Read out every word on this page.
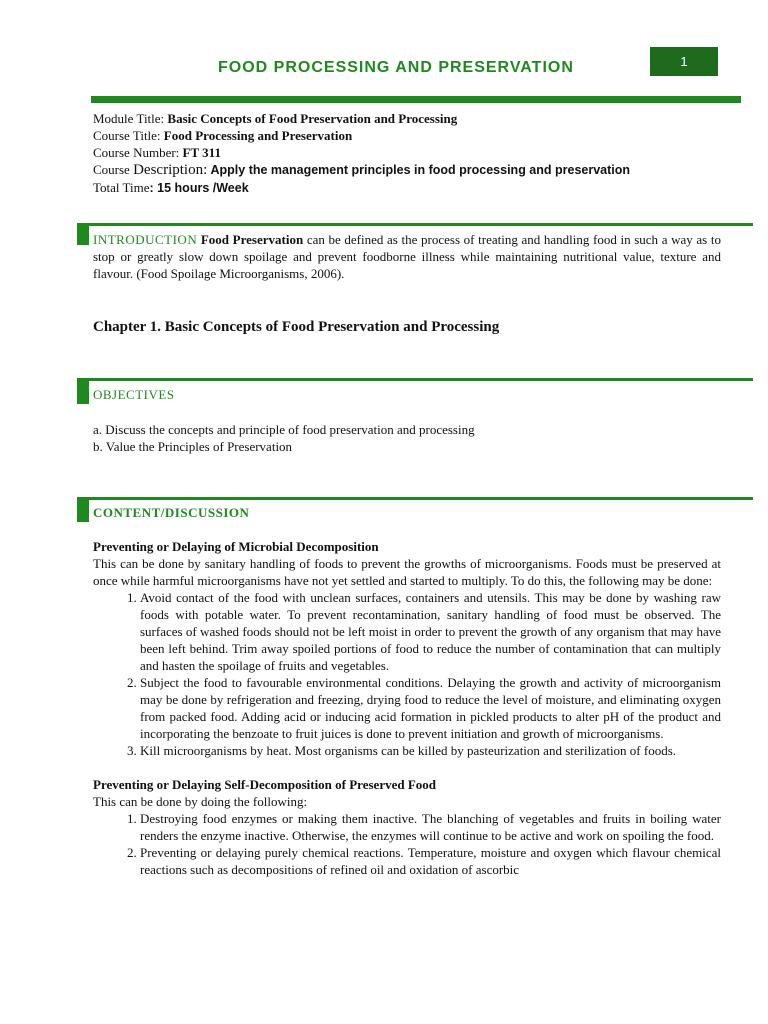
FOOD PROCESSING AND PRESERVATION	1
Module Title: Basic Concepts of Food Preservation and Processing
Course Title: Food Processing and Preservation
Course Number: FT 311
Course Description: Apply the management principles in food processing and preservation
Total Time: 15 hours /Week
INTRODUCTION Food Preservation can be defined as the process of treating and handling food in such a way as to stop or greatly slow down spoilage and prevent foodborne illness while maintaining nutritional value, texture and flavour. (Food Spoilage Microorganisms, 2006).
Chapter 1. Basic Concepts of Food Preservation and Processing
OBJECTIVES
a. Discuss the concepts and principle of food preservation and processing
b. Value the Principles of Preservation
CONTENT/DISCUSSION
Preventing or Delaying of Microbial Decomposition
This can be done by sanitary handling of foods to prevent the growths of microorganisms. Foods must be preserved at once while harmful microorganisms have not yet settled and started to multiply. To do this, the following may be done:
1. Avoid contact of the food with unclean surfaces, containers and utensils. This may be done by washing raw foods with potable water. To prevent recontamination, sanitary handling of food must be observed. The surfaces of washed foods should not be left moist in order to prevent the growth of any organism that may have been left behind. Trim away spoiled portions of food to reduce the number of contamination that can multiply and hasten the spoilage of fruits and vegetables.
2. Subject the food to favourable environmental conditions. Delaying the growth and activity of microorganism may be done by refrigeration and freezing, drying food to reduce the level of moisture, and eliminating oxygen from packed food. Adding acid or inducing acid formation in pickled products to alter pH of the product and incorporating the benzoate to fruit juices is done to prevent initiation and growth of microorganisms.
3. Kill microorganisms by heat. Most organisms can be killed by pasteurization and sterilization of foods.
Preventing or Delaying Self-Decomposition of Preserved Food
This can be done by doing the following:
1. Destroying food enzymes or making them inactive. The blanching of vegetables and fruits in boiling water renders the enzyme inactive. Otherwise, the enzymes will continue to be active and work on spoiling the food.
2. Preventing or delaying purely chemical reactions. Temperature, moisture and oxygen which flavour chemical reactions such as decompositions of refined oil and oxidation of ascorbic
